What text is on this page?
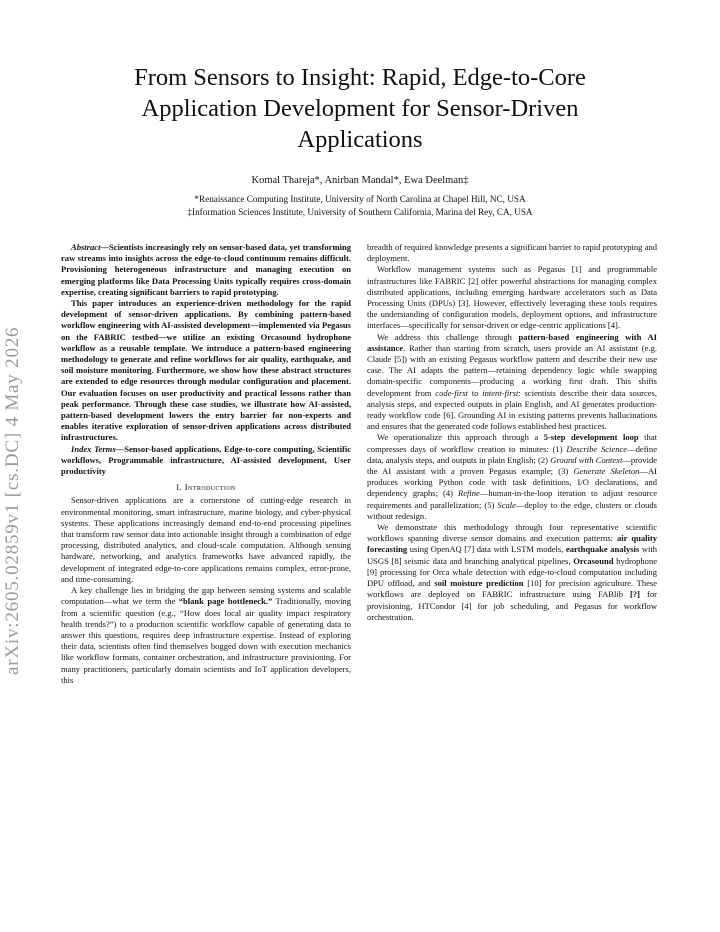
arXiv:2605.02859v1 [cs.DC] 4 May 2026
From Sensors to Insight: Rapid, Edge-to-Core Application Development for Sensor-Driven Applications
Komal Thareja*, Anirban Mandal*, Ewa Deelman‡
*Renaissance Computing Institute, University of North Carolina at Chapel Hill, NC, USA
‡Information Sciences Institute, University of Southern California, Marina del Rey, CA, USA

Abstract—Scientists increasingly rely on sensor-based data, yet transforming raw streams into insights across the edge-to-cloud continuum remains difficult. Provisioning heterogeneous infrastructure and managing execution on emerging platforms like Data Processing Units typically requires cross-domain expertise, creating significant barriers to rapid prototyping.

This paper introduces an experience-driven methodology for the rapid development of sensor-driven applications. By combining pattern-based workflow engineering with AI-assisted development—implemented via Pegasus on the FABRIC testbed—we utilize an existing Orcasound hydrophone workflow as a reusable template. We introduce a pattern-based engineering methodology to generate and refine workflows for air quality, earthquake, and soil moisture monitoring. Furthermore, we show how these abstract structures are extended to edge resources through modular configuration and placement. Our evaluation focuses on user productivity and practical lessons rather than peak performance. Through these case studies, we illustrate how AI-assisted, pattern-based development lowers the entry barrier for non-experts and enables iterative exploration of sensor-driven applications across distributed infrastructures.

Index Terms—Sensor-based applications, Edge-to-core computing, Scientific workflows, Programmable infrastructure, AI-assisted development, User productivity

I. Introduction

Sensor-driven applications are a cornerstone of cutting-edge research in environmental monitoring, smart infrastructure, marine biology, and cyber-physical systems. These applications increasingly demand end-to-end processing pipelines that transform raw sensor data into actionable insight through a combination of edge processing, distributed analytics, and cloud-scale computation. Although sensing hardware, networking, and analytics frameworks have advanced rapidly, the development of integrated edge-to-core applications remains complex, error-prone, and time-consuming.

A key challenge lies in bridging the gap between sensing systems and scalable computation—what we term the “blank page bottleneck.” Traditionally, moving from a scientific question (e.g., “How does local air quality impact respiratory health trends?”) to a production scientific workflow capable of generating data to answer this questions, requires deep infrastructure expertise. Instead of exploring their data, scientists often find themselves bogged down with execution mechanics like workflow formats, container orchestration, and infrastructure provisioning. For many practitioners, particularly domain scientists and IoT application developers, this

breadth of required knowledge presents a significant barrier to rapid prototyping and deployment.

Workflow management systems such as Pegasus [1] and programmable infrastructures like FABRIC [2] offer powerful abstractions for managing complex distributed applications, including emerging hardware accelerators such as Data Processing Units (DPUs) [3]. However, effectively leveraging these tools requires the understanding of configuration models, deployment options, and infrastructure interfaces—specifically for sensor-driven or edge-centric applications [4].

We address this challenge through pattern-based engineering with AI assistance. Rather than starting from scratch, users provide an AI assistant (e.g. Claude [5]) with an existing Pegasus workflow pattern and describe their new use case. The AI adapts the pattern—retaining dependency logic while swapping domain-specific components—producing a working first draft. This shifts development from code-first to intent-first: scientists describe their data sources, analysis steps, and expected outputs in plain English, and AI generates production-ready workflow code [6]. Grounding AI in existing patterns prevents hallucinations and ensures that the generated code follows established best practices.

We operationalize this approach through a 5-step development loop that compresses days of workflow creation to minutes: (1) Describe Science—define data, analysis steps, and outputs in plain English; (2) Ground with Context—provide the AI assistant with a proven Pegasus example; (3) Generate Skeleton—AI produces working Python code with task definitions, I/O declarations, and dependency graphs; (4) Refine—human-in-the-loop iteration to adjust resource requirements and parallelization; (5) Scale—deploy to the edge, clusters or clouds without redesign.

We demonstrate this methodology through four representative scientific workflows spanning diverse sensor domains and execution patterns: air quality forecasting using OpenAQ [7] data with LSTM models, earthquake analysis with USGS [8] seismic data and branching analytical pipelines, Orcasound hydrophone [9] processing for Orca whale detection with edge-to-cloud computation including DPU offload, and soil moisture prediction [10] for precision agriculture. These workflows are deployed on FABRIC infrastructure using FABlib [?] for provisioning, HTCondor [4] for job scheduling, and Pegasus for workflow orchestration.
